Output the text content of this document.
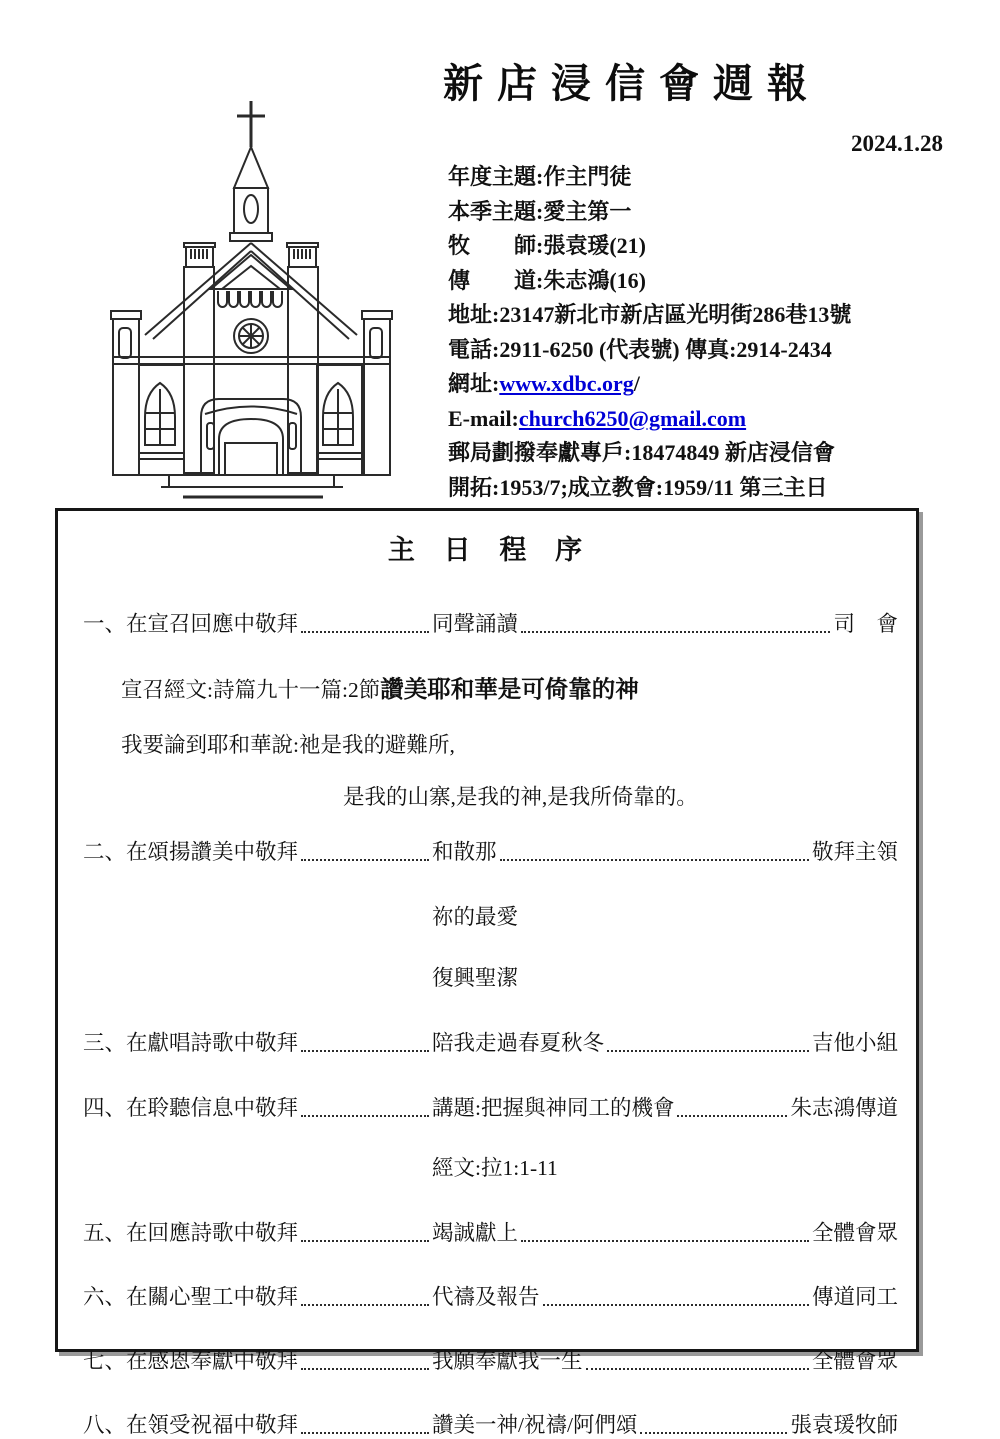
新 店 浸 信 會 週 報
2024.1.28
年度主題:作主門徒
本季主題:愛主第一
牧　　師:張袁瑗(21)
傳　　道:朱志鴻(16)
地址:23147新北市新店區光明街286巷13號
電話:2911-6250 (代表號) 傳真:2914-2434
網址:www.xdbc.org/
E-mail:church6250@gmail.com
郵局劃撥奉獻專戶:18474849 新店浸信會
開拓:1953/7;成立教會:1959/11 第三主日
主 日 程 序
一、在宣召回應中敬拜	同聲誦讀	司　會
宣召經文:詩篇九十一篇:2節讚美耶和華是可倚靠的神
我要論到耶和華說:祂是我的避難所,
是我的山寨,是我的神,是我所倚靠的。
二、在頌揚讚美中敬拜	和散那	敬拜主領
祢的最愛
復興聖潔
三、在獻唱詩歌中敬拜	陪我走過春夏秋冬	吉他小組
四、在聆聽信息中敬拜	講題:把握與神同工的機會	朱志鴻傳道
經文:拉1:1-11
五、在回應詩歌中敬拜	竭誠獻上	全體會眾
六、在關心聖工中敬拜	代禱及報告	傳道同工
七、在感恩奉獻中敬拜	我願奉獻我一生	全體會眾
八、在領受祝福中敬拜	讚美一神/祝禱/阿們頌	張袁瑗牧師
